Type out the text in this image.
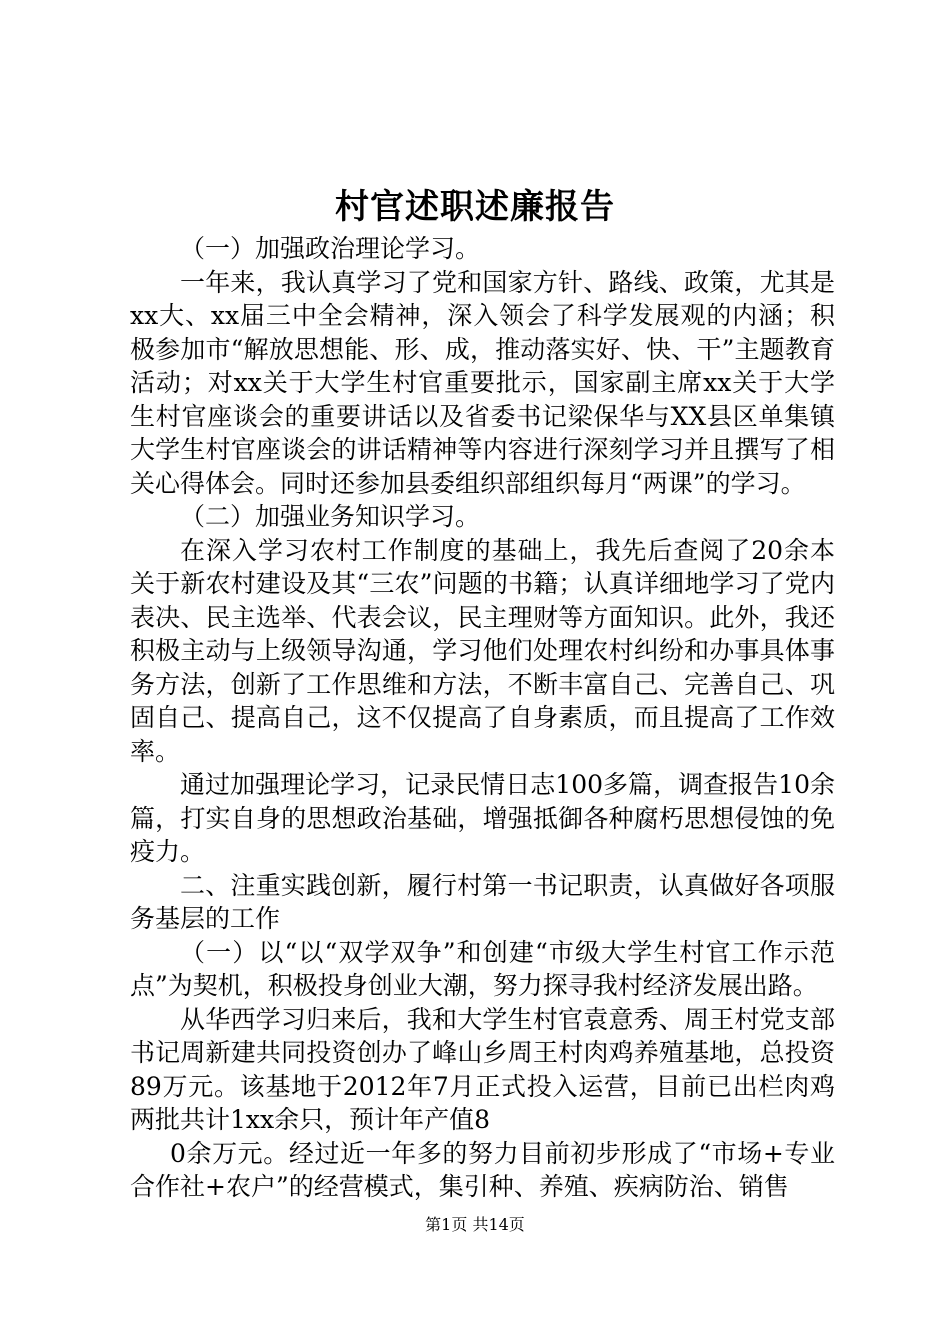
村官述职述廉报告

（一）加强政治理论学习。

一年来，我认真学习了党和国家方针、路线、政策，尤其是xx大、xx届三中全会精神，深入领会了科学发展观的内涵；积极参加市“解放思想能、形、成，推动落实好、快、干”主题教育活动；对xx关于大学生村官重要批示，国家副主席xx关于大学生村官座谈会的重要讲话以及省委书记梁保华与XX县区单集镇大学生村官座谈会的讲话精神等内容进行深刻学习并且撰写了相关心得体会。同时还参加县委组织部组织每月“两课”的学习。

（二）加强业务知识学习。

在深入学习农村工作制度的基础上，我先后查阅了20余本关于新农村建设及其“三农”问题的书籍；认真详细地学习了党内表决、民主选举、代表会议，民主理财等方面知识。此外，我还积极主动与上级领导沟通，学习他们处理农村纠纷和办事具体事务方法，创新了工作思维和方法，不断丰富自己、完善自己、巩固自己、提高自己，这不仅提高了自身素质，而且提高了工作效率。

通过加强理论学习，记录民情日志100多篇，调查报告10余篇，打实自身的思想政治基础，增强抵御各种腐朽思想侵蚀的免疫力。

二、注重实践创新，履行村第一书记职责，认真做好各项服务基层的工作

（一）以“以“双学双争”和创建“市级大学生村官工作示范点”为契机，积极投身创业大潮，努力探寻我村经济发展出路。

从华西学习归来后，我和大学生村官袁意秀、周王村党支部书记周新建共同投资创办了峰山乡周王村肉鸡养殖基地，总投资89万元。该基地于2012年7月正式投入运营，目前已出栏肉鸡两批共计1xx余只，预计年产值8

0余万元。经过近一年多的努力目前初步形成了“市场+专业合作社+农户”的经营模式，集引种、养殖、疾病防治、销售

第1页 共14页
